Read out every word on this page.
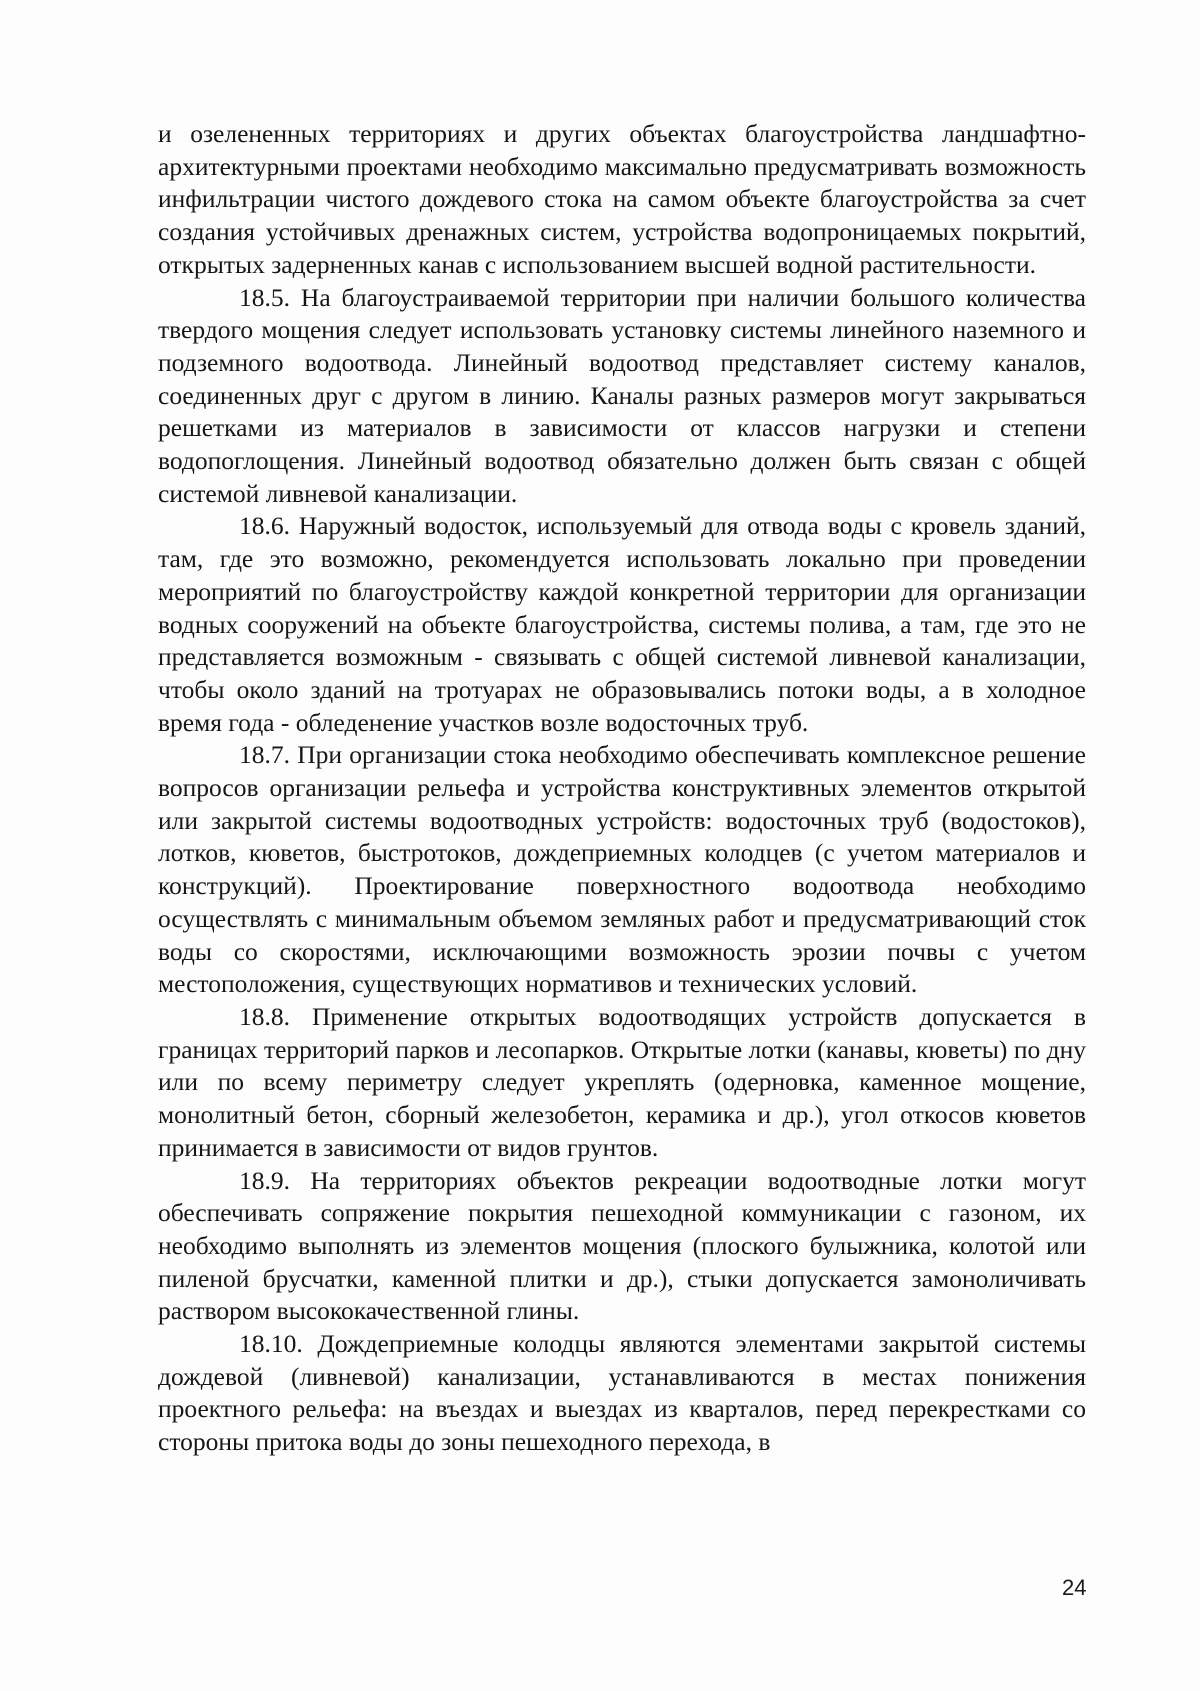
и озелененных территориях и других объектах благоустройства ландшафтно-архитектурными проектами необходимо максимально предусматривать возможность инфильтрации чистого дождевого стока на самом объекте благоустройства за счет создания устойчивых дренажных систем, устройства водопроницаемых покрытий, открытых задерненных канав с использованием высшей водной растительности.

18.5. На благоустраиваемой территории при наличии большого количества твердого мощения следует использовать установку системы линейного наземного и подземного водоотвода. Линейный водоотвод представляет систему каналов, соединенных друг с другом в линию. Каналы разных размеров могут закрываться решетками из материалов в зависимости от классов нагрузки и степени водопоглощения. Линейный водоотвод обязательно должен быть связан с общей системой ливневой канализации.

18.6. Наружный водосток, используемый для отвода воды с кровель зданий, там, где это возможно, рекомендуется использовать локально при проведении мероприятий по благоустройству каждой конкретной территории для организации водных сооружений на объекте благоустройства, системы полива, а там, где это не представляется возможным - связывать с общей системой ливневой канализации, чтобы около зданий на тротуарах не образовывались потоки воды, а в холодное время года - обледенение участков возле водосточных труб.

18.7. При организации стока необходимо обеспечивать комплексное решение вопросов организации рельефа и устройства конструктивных элементов открытой или закрытой системы водоотводных устройств: водосточных труб (водостоков), лотков, кюветов, быстротоков, дождеприемных колодцев (с учетом материалов и конструкций). Проектирование поверхностного водоотвода необходимо осуществлять с минимальным объемом земляных работ и предусматривающий сток воды со скоростями, исключающими возможность эрозии почвы с учетом местоположения, существующих нормативов и технических условий.

18.8. Применение открытых водоотводящих устройств допускается в границах территорий парков и лесопарков. Открытые лотки (канавы, кюветы) по дну или по всему периметру следует укреплять (одерновка, каменное мощение, монолитный бетон, сборный железобетон, керамика и др.), угол откосов кюветов принимается в зависимости от видов грунтов.

18.9. На территориях объектов рекреации водоотводные лотки могут обеспечивать сопряжение покрытия пешеходной коммуникации с газоном, их необходимо выполнять из элементов мощения (плоского булыжника, колотой или пиленой брусчатки, каменной плитки и др.), стыки допускается замоноличивать раствором высококачественной глины.

18.10. Дождеприемные колодцы являются элементами закрытой системы дождевой (ливневой) канализации, устанавливаются в местах понижения проектного рельефа: на въездах и выездах из кварталов, перед перекрестками со стороны притока воды до зоны пешеходного перехода, в

24
